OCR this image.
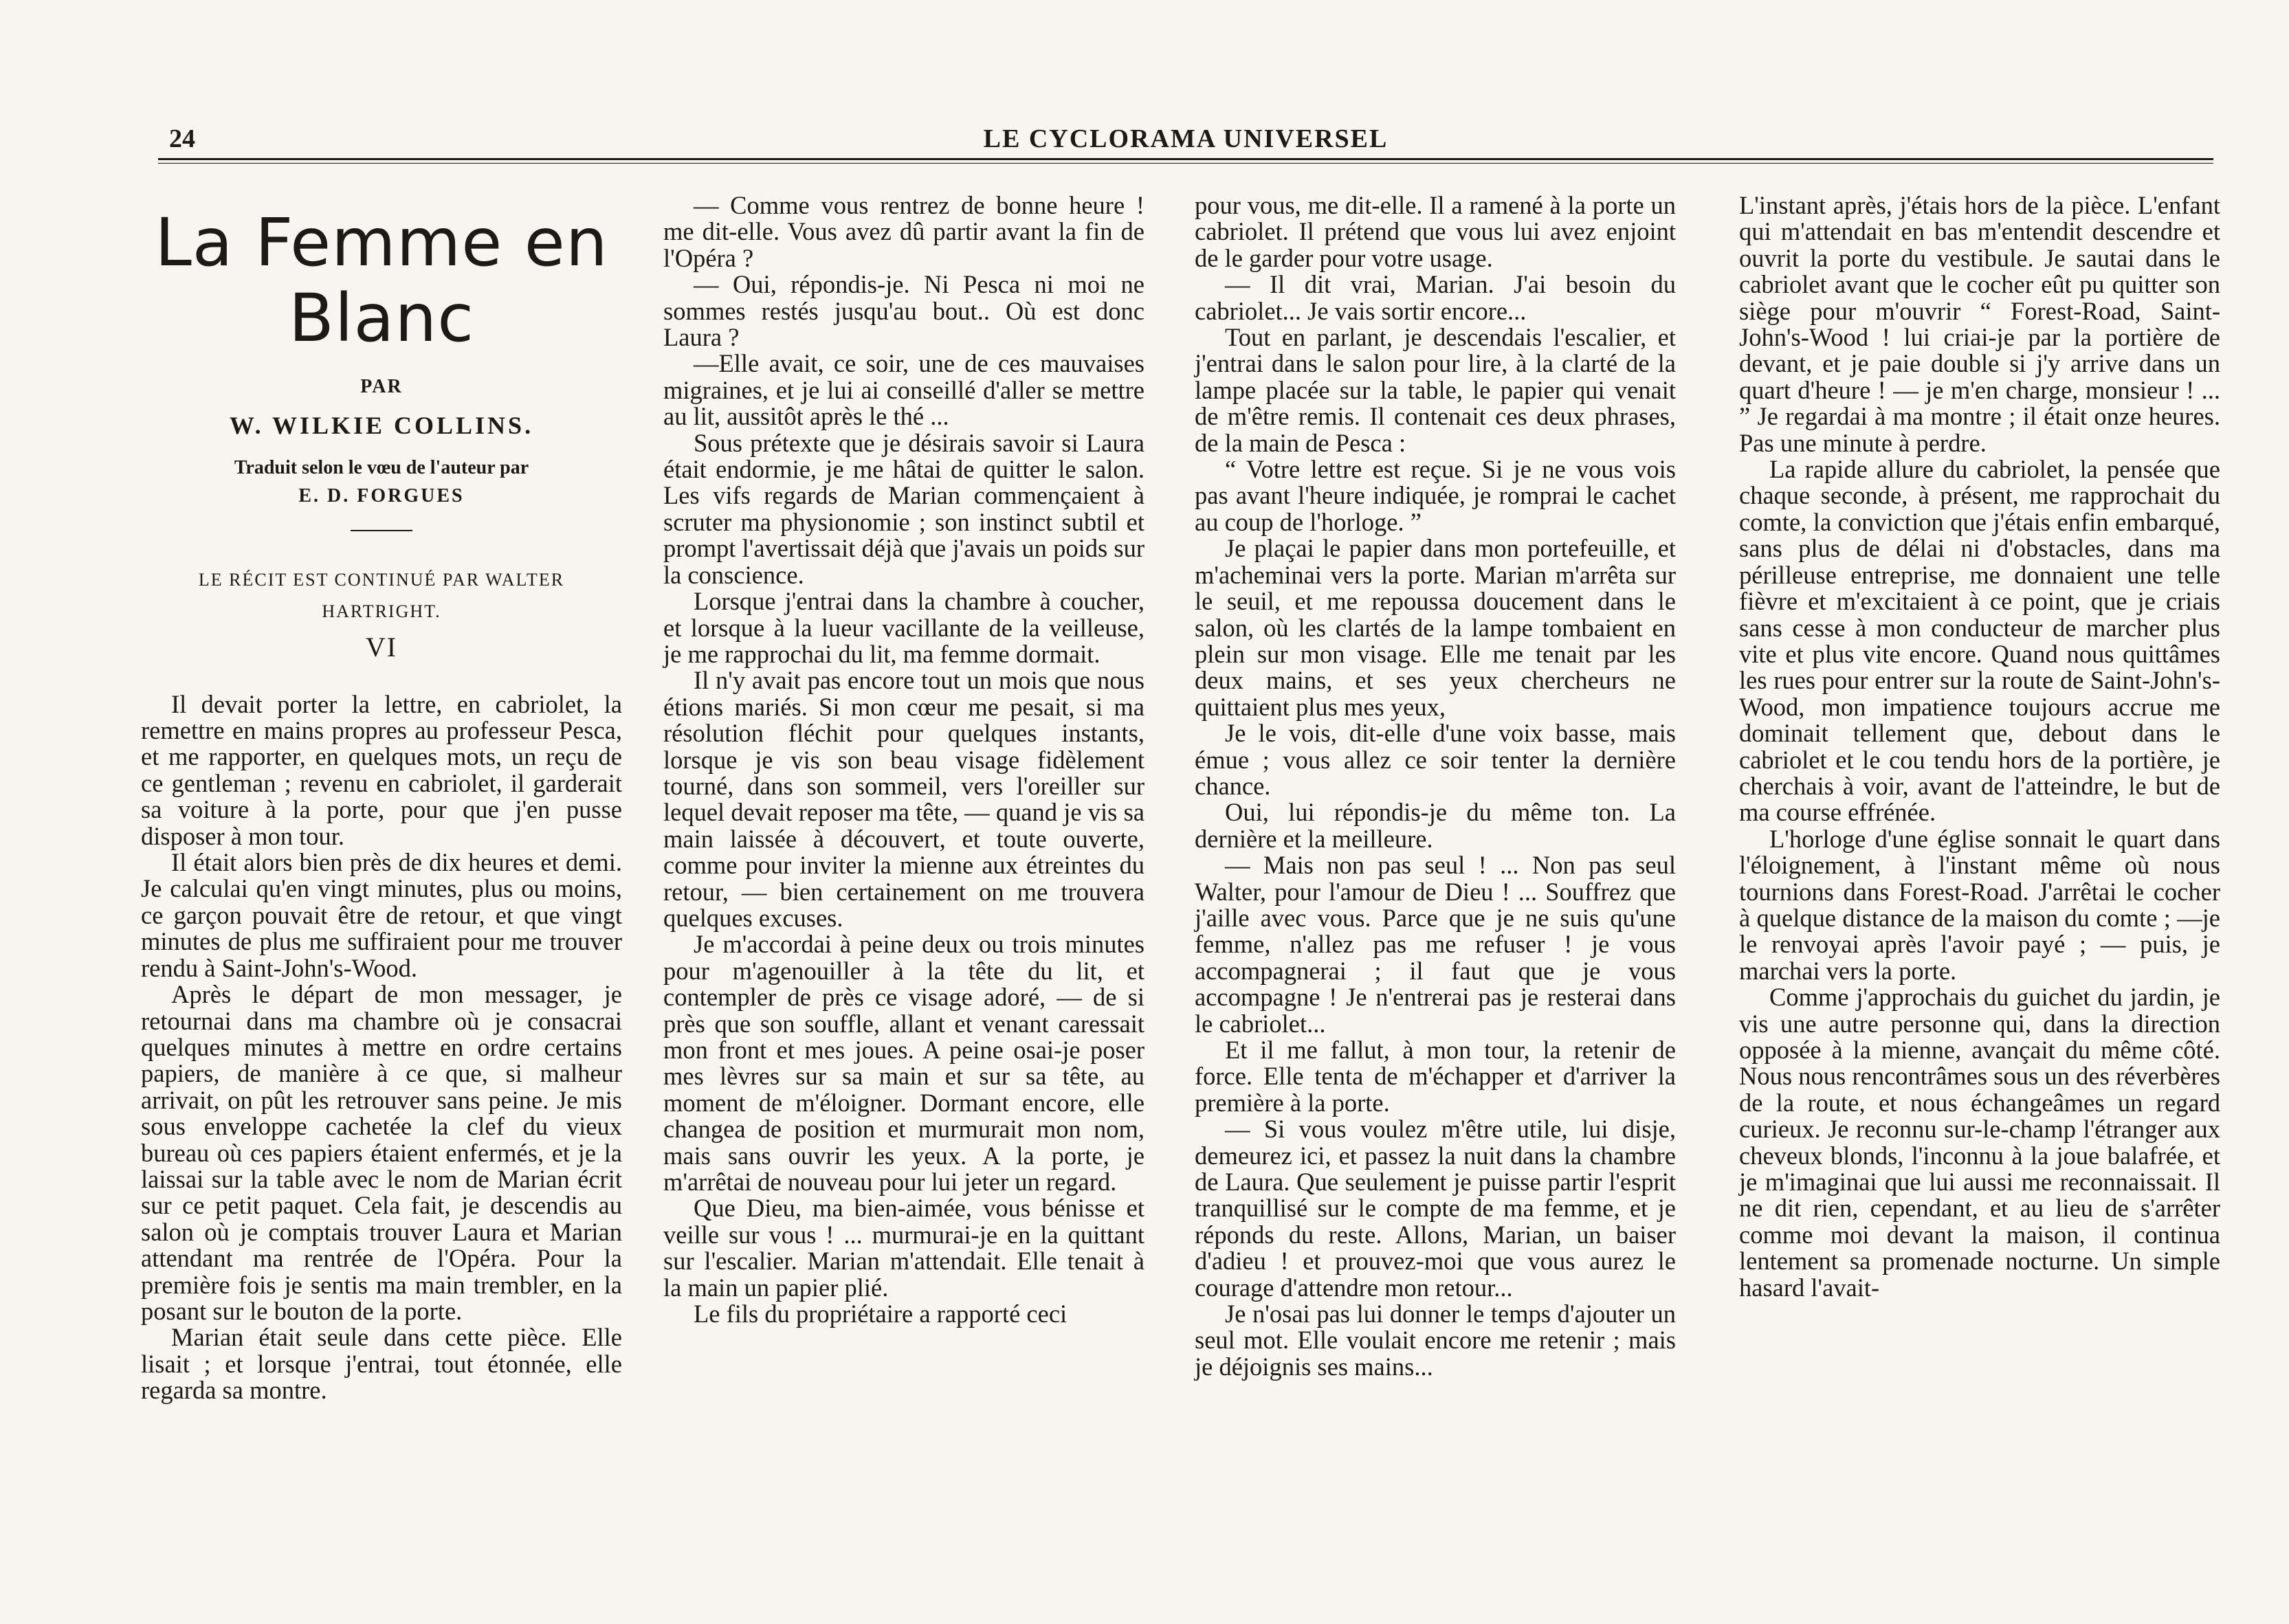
24	LE CYCLORAMA UNIVERSEL
La Femme en Blanc
PAR
W. WILKIE COLLINS.
Traduit selon le vœu de l'auteur par
E. D. FORGUES
LE RÉCIT EST CONTINUÉ PAR WALTER HARTRIGHT.
VI

Il devait porter la lettre, en cabriolet, la remettre en mains propres au professeur Pesca, et me rapporter, en quelques mots, un reçu de ce gentleman ; revenu en cabriolet, il garderait sa voiture à la porte, pour que j'en pusse disposer à mon tour.

Il était alors bien près de dix heures et demi. Je calculai qu'en vingt minutes, plus ou moins, ce garçon pouvait être de retour, et que vingt minutes de plus me suffiraient pour me trouver rendu à Saint-John's-Wood.

Après le départ de mon messager, je retournai dans ma chambre où je consacrai quelques minutes à mettre en ordre certains papiers, de manière à ce que, si malheur arrivait, on pût les retrouver sans peine. Je mis sous enveloppe cachetée la clef du vieux bureau où ces papiers étaient enfermés, et je la laissai sur la table avec le nom de Marian écrit sur ce petit paquet. Cela fait, je descendis au salon où je comptais trouver Laura et Marian attendant ma rentrée de l'Opéra. Pour la première fois je sentis ma main trembler, en la posant sur le bouton de la porte.

Marian était seule dans cette pièce. Elle lisait ; et lorsque j'entrai, tout étonnée, elle regarda sa montre.

— Comme vous rentrez de bonne heure ! me dit-elle. Vous avez dû partir avant la fin de l'Opéra ?

— Oui, répondis-je. Ni Pesca ni moi ne sommes restés jusqu'au bout.. Où est donc Laura ?

—Elle avait, ce soir, une de ces mauvaises migraines, et je lui ai conseillé d'aller se mettre au lit, aussitôt après le thé ...

Sous prétexte que je désirais savoir si Laura était endormie, je me hâtai de quitter le salon. Les vifs regards de Marian commençaient à scruter ma physionomie ; son instinct subtil et prompt l'avertissait déjà que j'avais un poids sur la conscience.

Lorsque j'entrai dans la chambre à coucher, et lorsque à la lueur vacillante de la veilleuse, je me rapprochai du lit, ma femme dormait.

Il n'y avait pas encore tout un mois que nous étions mariés. Si mon cœur me pesait, si ma résolution fléchit pour quelques instants, lorsque je vis son beau visage fidèlement tourné, dans son sommeil, vers l'oreiller sur lequel devait reposer ma tête, — quand je vis sa main laissée à découvert, et toute ouverte, comme pour inviter la mienne aux étreintes du retour, — bien certainement on me trouvera quelques excuses.

Je m'accordai à peine deux ou trois minutes pour m'agenouiller à la tête du lit, et contempler de près ce visage adoré, — de si près que son souffle, allant et venant caressait mon front et mes joues. A peine osai-je poser mes lèvres sur sa main et sur sa tête, au moment de m'éloigner. Dormant encore, elle changea de position et murmurait mon nom, mais sans ouvrir les yeux. A la porte, je m'arrêtai de nouveau pour lui jeter un regard.

Que Dieu, ma bien-aimée, vous bénisse et veille sur vous ! ... murmurai-je en la quittant sur l'escalier. Marian m'attendait. Elle tenait à la main un papier plié.

Le fils du propriétaire a rapporté ceci

pour vous, me dit-elle. Il a ramené à la porte un cabriolet. Il prétend que vous lui avez enjoint de le garder pour votre usage.

— Il dit vrai, Marian. J'ai besoin du cabriolet... Je vais sortir encore...

Tout en parlant, je descendais l'escalier, et j'entrai dans le salon pour lire, à la clarté de la lampe placée sur la table, le papier qui venait de m'être remis. Il contenait ces deux phrases, de la main de Pesca :

“ Votre lettre est reçue. Si je ne vous vois pas avant l'heure indiquée, je romprai le cachet au coup de l'horloge. ”

Je plaçai le papier dans mon portefeuille, et m'acheminai vers la porte. Marian m'arrêta sur le seuil, et me repoussa doucement dans le salon, où les clartés de la lampe tombaient en plein sur mon visage. Elle me tenait par les deux mains, et ses yeux chercheurs ne quittaient plus mes yeux,

Je le vois, dit-elle d'une voix basse, mais émue ; vous allez ce soir tenter la dernière chance.

Oui, lui répondis-je du même ton. La dernière et la meilleure.

— Mais non pas seul ! ... Non pas seul Walter, pour l'amour de Dieu ! ... Souffrez que j'aille avec vous. Parce que je ne suis qu'une femme, n'allez pas me refuser ! je vous accompagnerai ; il faut que je vous accompagne ! Je n'entrerai pas je resterai dans le cabriolet...

Et il me fallut, à mon tour, la retenir de force. Elle tenta de m'échapper et d'arriver la première à la porte.

— Si vous voulez m'être utile, lui disje, demeurez ici, et passez la nuit dans la chambre de Laura. Que seulement je puisse partir l'esprit tranquillisé sur le compte de ma femme, et je réponds du reste. Allons, Marian, un baiser d'adieu ! et prouvez-moi que vous aurez le courage d'attendre mon retour...

Je n'osai pas lui donner le temps d'ajouter un seul mot. Elle voulait encore me retenir ; mais je déjoignis ses mains...

L'instant après, j'étais hors de la pièce. L'enfant qui m'attendait en bas m'entendit descendre et ouvrit la porte du vestibule. Je sautai dans le cabriolet avant que le cocher eût pu quitter son siège pour m'ouvrir “ Forest-Road, Saint-John's-Wood ! lui criai-je par la portière de devant, et je paie double si j'y arrive dans un quart d'heure ! — je m'en charge, monsieur ! ... ” Je regardai à ma montre ; il était onze heures. Pas une minute à perdre.

La rapide allure du cabriolet, la pensée que chaque seconde, à présent, me rapprochait du comte, la conviction que j'étais enfin embarqué, sans plus de délai ni d'obstacles, dans ma périlleuse entreprise, me donnaient une telle fièvre et m'excitaient à ce point, que je criais sans cesse à mon conducteur de marcher plus vite et plus vite encore. Quand nous quittâmes les rues pour entrer sur la route de Saint-John's-Wood, mon impatience toujours accrue me dominait tellement que, debout dans le cabriolet et le cou tendu hors de la portière, je cherchais à voir, avant de l'atteindre, le but de ma course effrénée.

L'horloge d'une église sonnait le quart dans l'éloignement, à l'instant même où nous tournions dans Forest-Road. J'arrêtai le cocher à quelque distance de la maison du comte ; —je le renvoyai après l'avoir payé ; — puis, je marchai vers la porte.

Comme j'approchais du guichet du jardin, je vis une autre personne qui, dans la direction opposée à la mienne, avançait du même côté. Nous nous rencontrâmes sous un des réverbères de la route, et nous échangeâmes un regard curieux. Je reconnu sur-le-champ l'étranger aux cheveux blonds, l'inconnu à la joue balafrée, et je m'imaginai que lui aussi me reconnaissait. Il ne dit rien, cependant, et au lieu de s'arrêter comme moi devant la maison, il continua lentement sa promenade nocturne. Un simple hasard l'avait-
